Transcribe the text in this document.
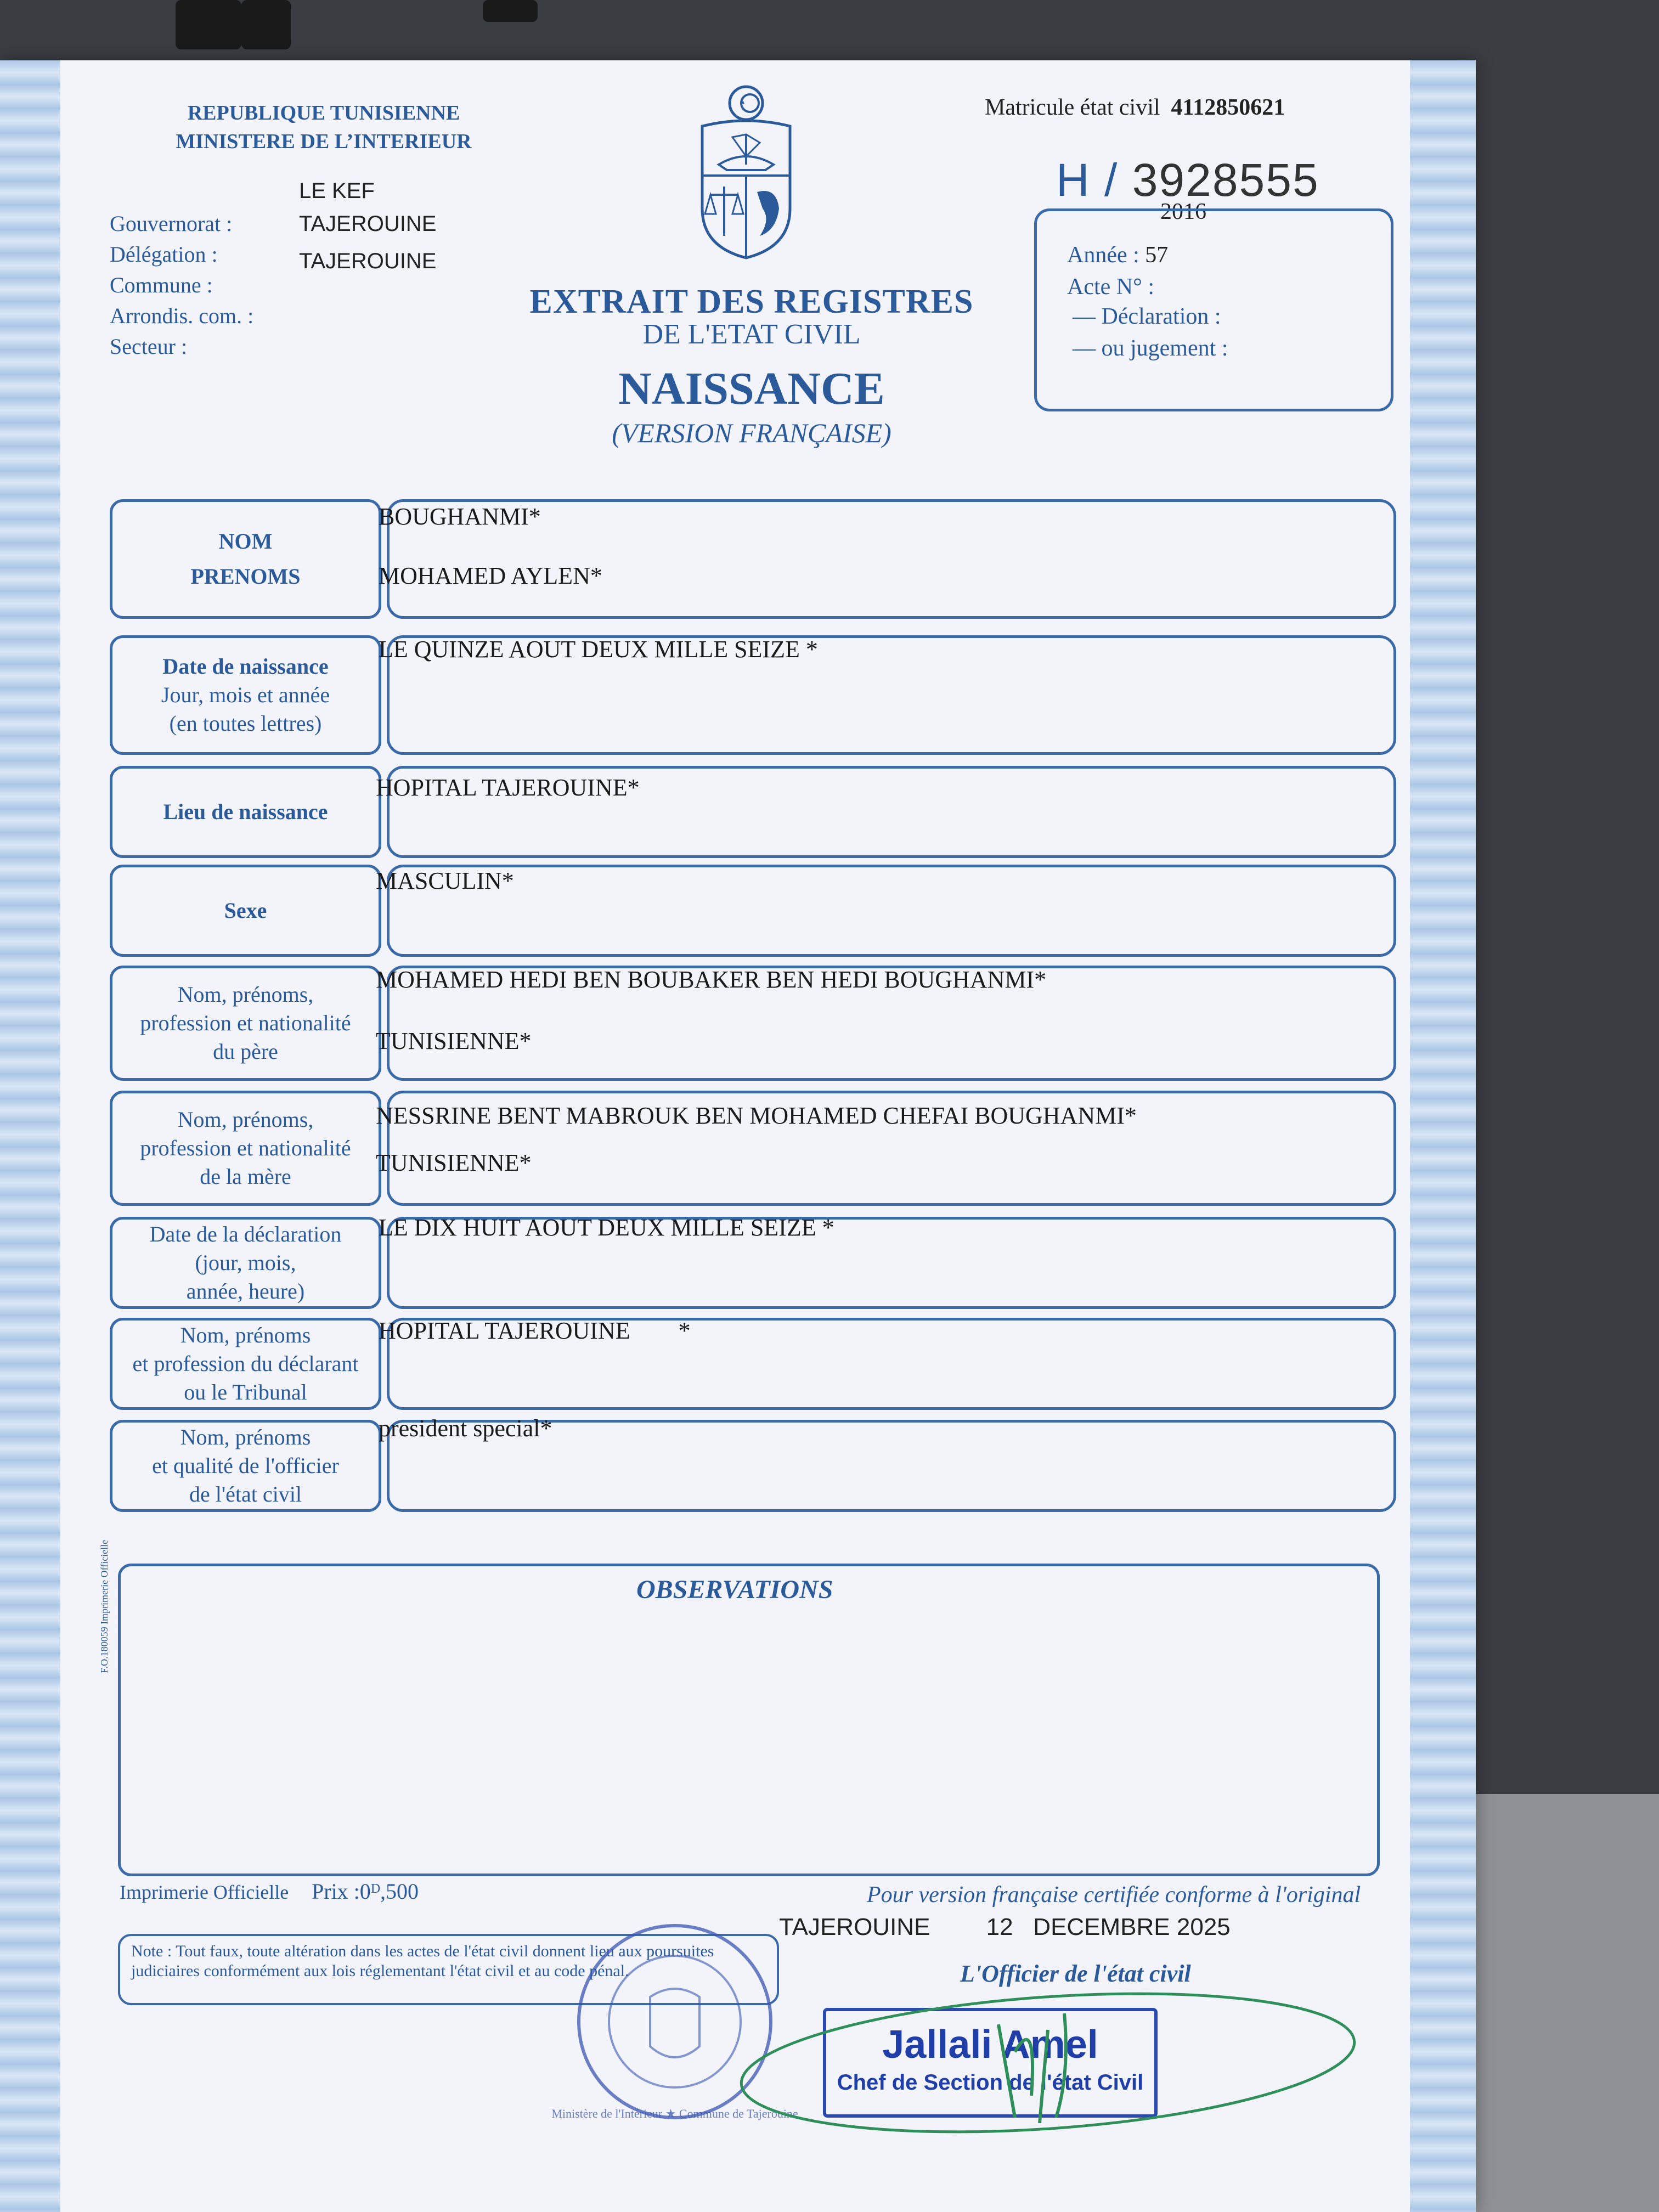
REPUBLIQUE TUNISIENNE
MINISTERE DE L’INTERIEUR
LE KEF
Gouvernorat :	TAJEROUINE
Délégation :	TAJEROUINE
Commune :
Arrondis. com. :
Secteur :
EXTRAIT DES REGISTRES
DE L'ETAT CIVIL
NAISSANCE
(VERSION FRANÇAISE)
Matricule état civil 4112850621
H / 3928555
2016
Année : 57
Acte N° :
— Déclaration :
— ou jugement :
NOM
PRENOMS
BOUGHANMI*
MOHAMED AYLEN*
Date de naissance
Jour, mois et année
(en toutes lettres)
LE QUINZE AOUT DEUX MILLE SEIZE *
Lieu de naissance
HOPITAL TAJEROUINE*
Sexe
MASCULIN*
Nom, prénoms,
profession et nationalité
du père
MOHAMED HEDI BEN BOUBAKER BEN HEDI BOUGHANMI*
TUNISIENNE*
Nom, prénoms,
profession et nationalité
de la mère
NESSRINE BENT MABROUK BEN MOHAMED CHEFAI BOUGHANMI*
TUNISIENNE*
Date de la déclaration
(jour, mois,
année, heure)
LE DIX HUIT AOUT DEUX MILLE SEIZE *
Nom, prénoms
et profession du déclarant
ou le Tribunal
HOPITAL TAJEROUINE        *
Nom, prénoms
et qualité de l'officier
de l'état civil
president special*
OBSERVATIONS
F.O.180059 Imprimerie Officielle
Imprimerie Officielle Prix :0ᴰ,500
Note : Tout faux, toute altération dans les actes de l'état civil donnent lieu aux poursuites judiciaires conformément aux lois réglementant l'état civil et au code pénal.
Pour version française certifiée conforme à l'original
TAJEROUINE 12   DECEMBRE 2025
L'Officier de l'état civil
Ministère de l'Intérieur ★ Commune de Tajerouine
Jallali Amel
Chef de Section de l'état Civil
